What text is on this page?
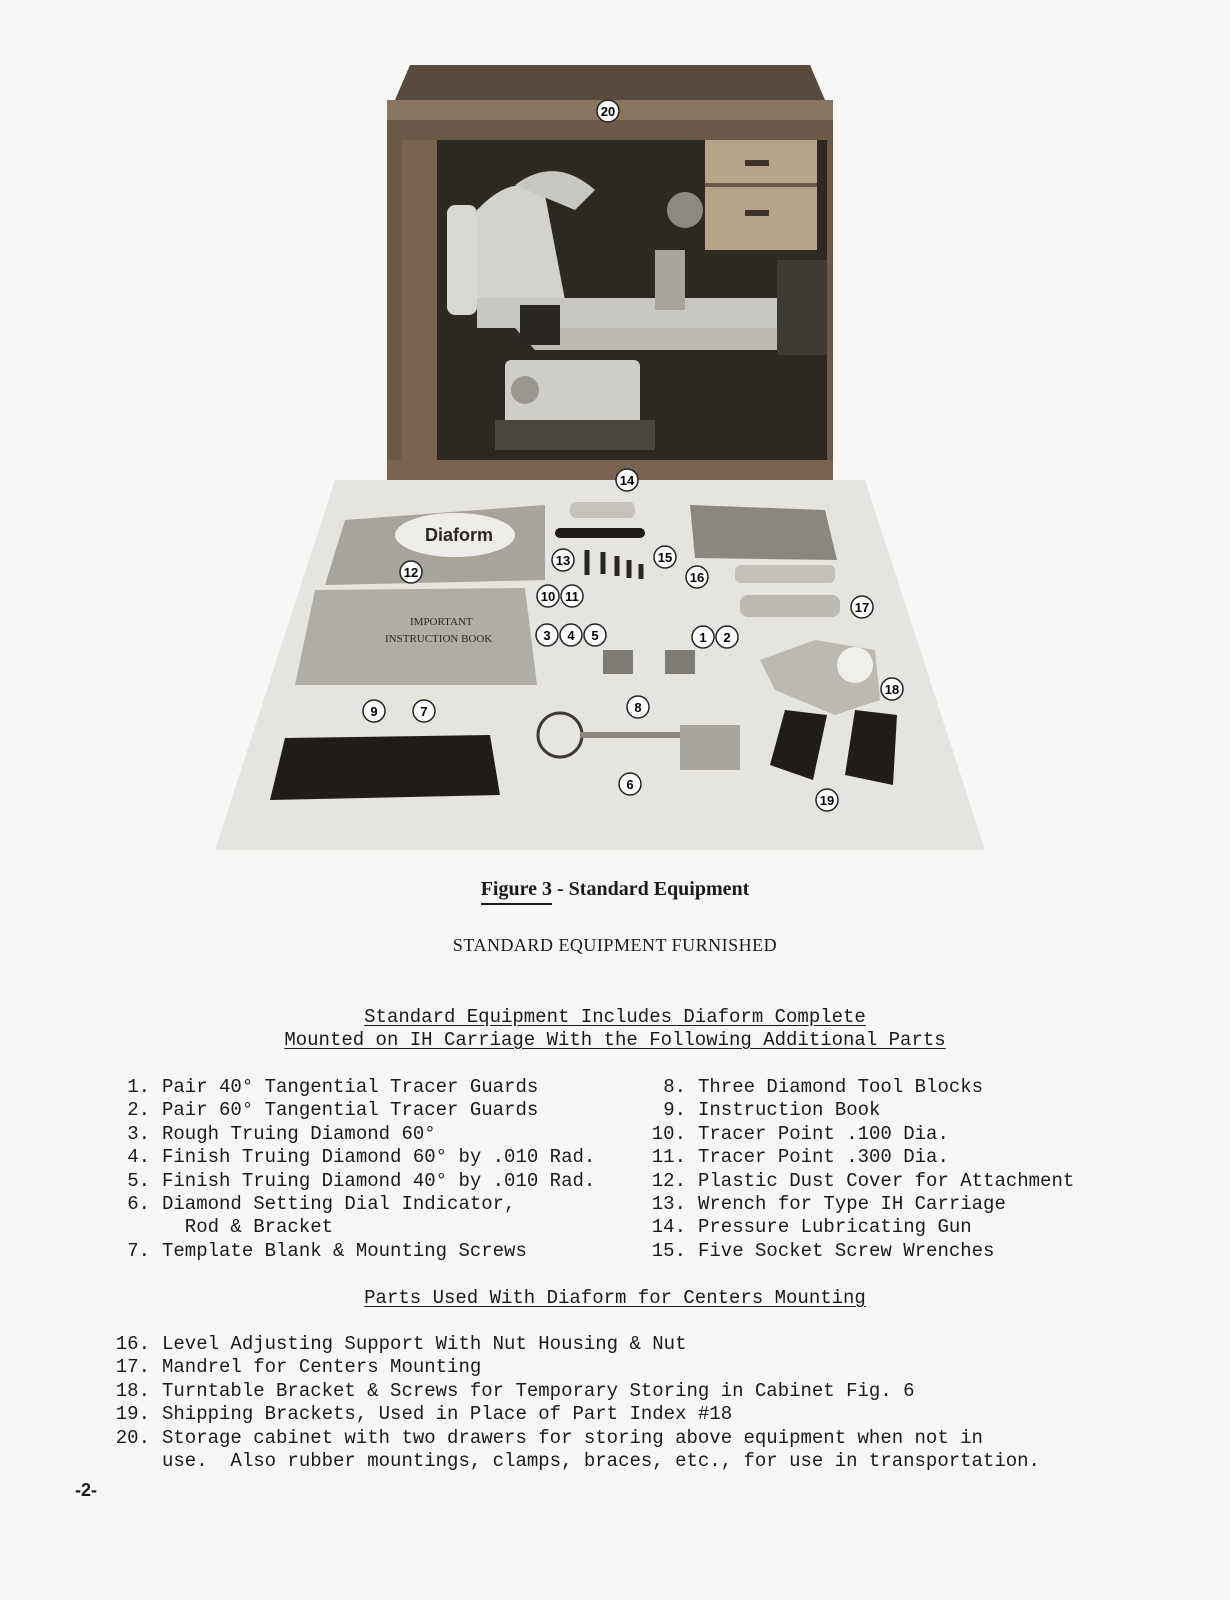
Diaform
IMPORTANT
INSTRUCTION BOOK
20
14
13	15
12	16
10 11
3 4 5	1 2
17
18
9	7	8
6
19
Figure 3 - Standard Equipment
STANDARD EQUIPMENT FURNISHED
Standard Equipment Includes Diaform Complete
Mounted on IH Carriage With the Following Additional Parts
1. Pair 40° Tangential Tracer Guards
2. Pair 60° Tangential Tracer Guards
3. Rough Truing Diamond 60°
4. Finish Truing Diamond 60° by .010 Rad.
5. Finish Truing Diamond 40° by .010 Rad.
6. Diamond Setting Dial Indicator,
Rod & Bracket
7. Template Blank & Mounting Screws
8. Three Diamond Tool Blocks
9. Instruction Book
10. Tracer Point .100 Dia.
11. Tracer Point .300 Dia.
12. Plastic Dust Cover for Attachment
13. Wrench for Type IH Carriage
14. Pressure Lubricating Gun
15. Five Socket Screw Wrenches
Parts Used With Diaform for Centers Mounting
16. Level Adjusting Support With Nut Housing & Nut
17. Mandrel for Centers Mounting
18. Turntable Bracket & Screws for Temporary Storing in Cabinet Fig. 6
19. Shipping Brackets, Used in Place of Part Index #18
20. Storage cabinet with two drawers for storing above equipment when not in
use.  Also rubber mountings, clamps, braces, etc., for use in transportation.
-2-
